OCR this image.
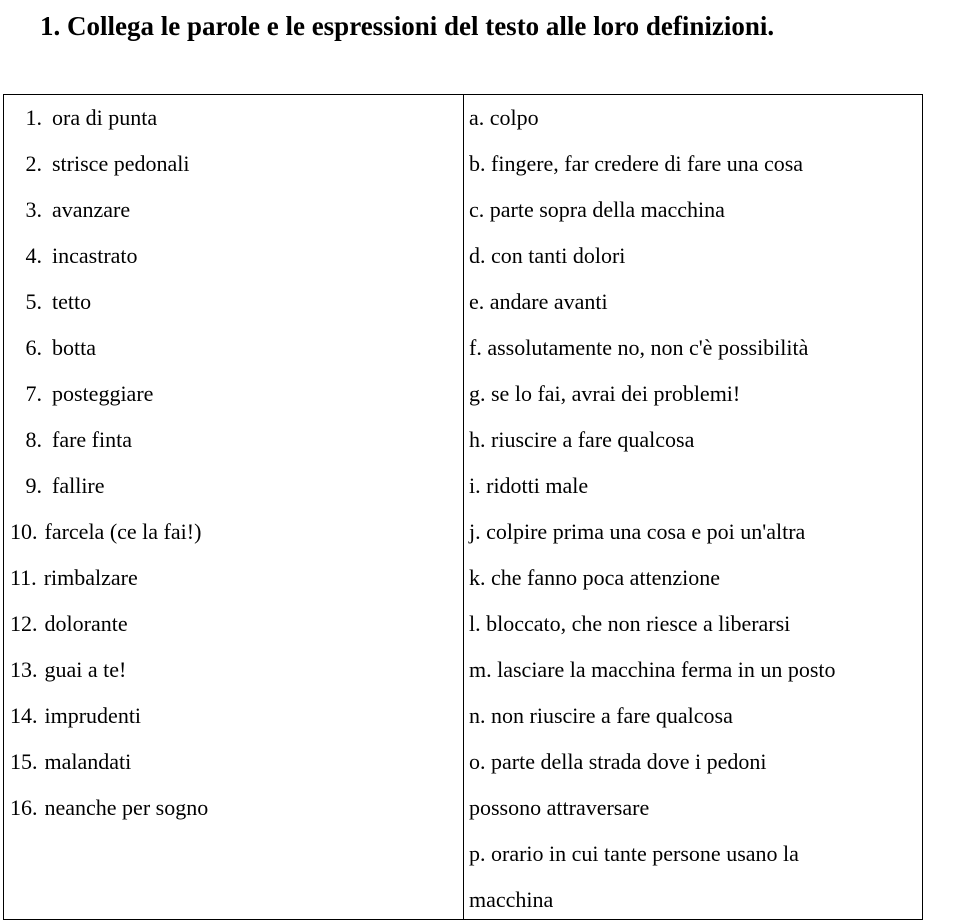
1. Collega le parole e le espressioni del testo alle loro definizioni.
1. ora di punta
2. strisce pedonali
3. avanzare
4. incastrato
5. tetto
6. botta
7. posteggiare
8. fare finta
9. fallire
10. farcela (ce la fai!)
11. rimbalzare
12. dolorante
13. guai a te!
14. imprudenti
15. malandati
16. neanche per sogno
a. colpo
b. fingere, far credere di fare una cosa
c. parte sopra della macchina
d. con tanti dolori
e. andare avanti
f. assolutamente no, non c'è possibilità
g. se lo fai, avrai dei problemi!
h. riuscire a fare qualcosa
i. ridotti male
j. colpire prima una cosa e poi un'altra
k. che fanno poca attenzione
l. bloccato, che non riesce a liberarsi
m. lasciare la macchina ferma in un posto
n. non riuscire a fare qualcosa
o. parte della strada dove i pedoni
possono attraversare
p. orario in cui tante persone usano la
macchina
